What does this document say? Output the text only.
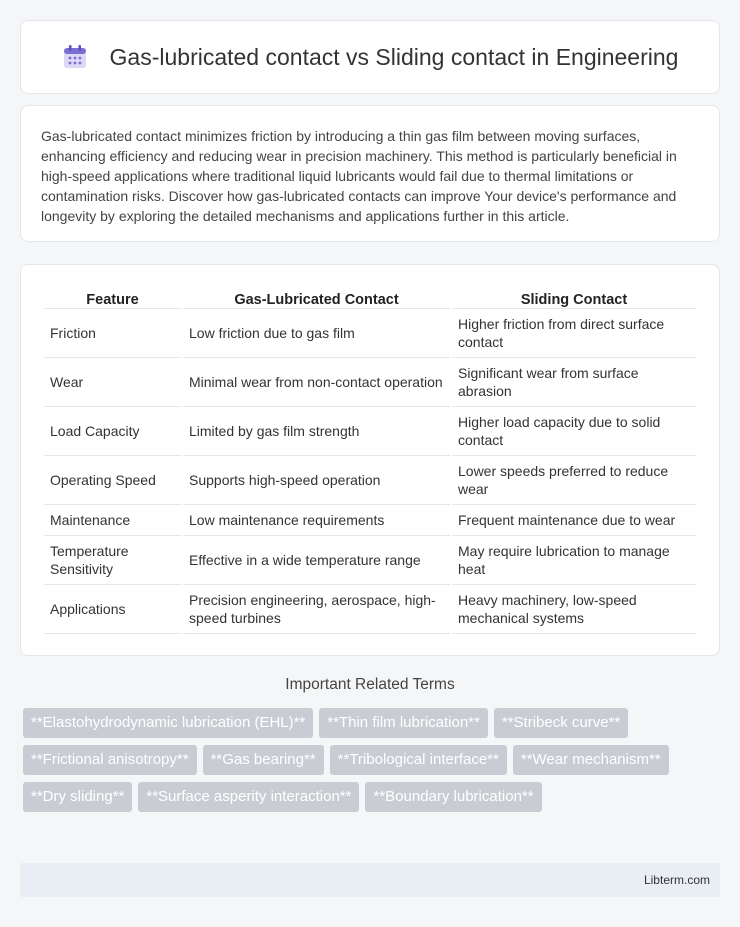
Gas-lubricated contact vs Sliding contact in Engineering

Gas-lubricated contact minimizes friction by introducing a thin gas film between moving surfaces, enhancing efficiency and reducing wear in precision machinery. This method is particularly beneficial in high-speed applications where traditional liquid lubricants would fail due to thermal limitations or contamination risks. Discover how gas-lubricated contacts can improve Your device's performance and longevity by exploring the detailed mechanisms and applications further in this article.

Feature	Gas-Lubricated Contact	Sliding Contact
Friction	Low friction due to gas film	Higher friction from direct surface contact
Wear	Minimal wear from non-contact operation	Significant wear from surface abrasion
Load Capacity	Limited by gas film strength	Higher load capacity due to solid contact
Operating Speed	Supports high-speed operation	Lower speeds preferred to reduce wear
Maintenance	Low maintenance requirements	Frequent maintenance due to wear
Temperature Sensitivity	Effective in a wide temperature range	May require lubrication to manage heat
Applications	Precision engineering, aerospace, high-speed turbines	Heavy machinery, low-speed mechanical systems
Important Related Terms
**Elastohydrodynamic lubrication (EHL)**	**Thin film lubrication**	**Stribeck curve**
**Frictional anisotropy**	**Gas bearing**	**Tribological interface**	**Wear mechanism**
**Dry sliding**	**Surface asperity interaction**	**Boundary lubrication**
Libterm.com
